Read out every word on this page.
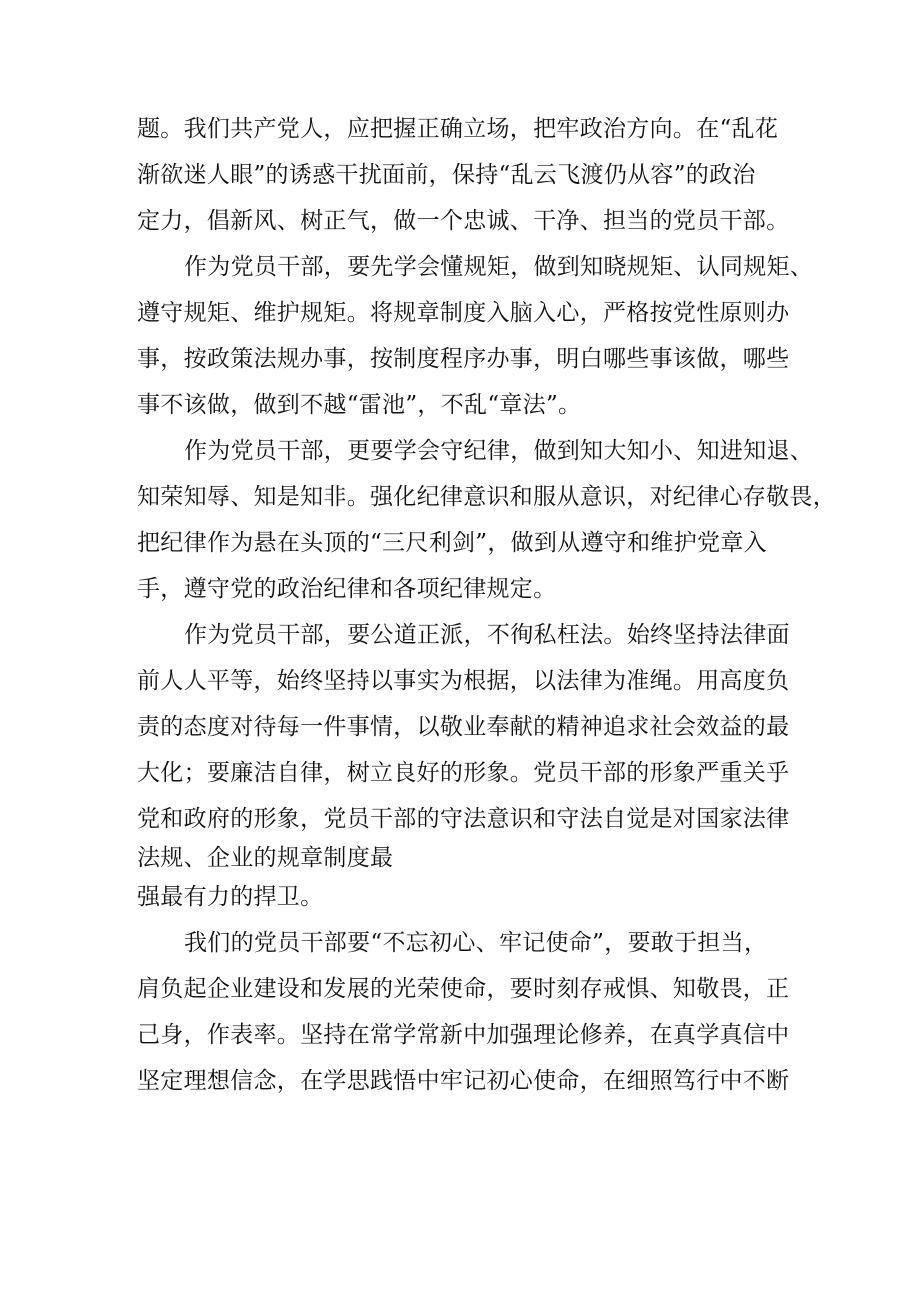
题。我们共产党人，应把握正确立场，把牢政治方向。在“乱花
渐欲迷人眼”的诱惑干扰面前，保持“乱云飞渡仍从容”的政治
定力，倡新风、树正气，做一个忠诚、干净、担当的党员干部。
作为党员干部，要先学会懂规矩，做到知晓规矩、认同规矩、
遵守规矩、维护规矩。将规章制度入脑入心，严格按党性原则办
事，按政策法规办事，按制度程序办事，明白哪些事该做，哪些
事不该做，做到不越“雷池”，不乱“章法”。
作为党员干部，更要学会守纪律，做到知大知小、知进知退、
知荣知辱、知是知非。强化纪律意识和服从意识，对纪律心存敬畏，
把纪律作为悬在头顶的“三尺利剑”，做到从遵守和维护党章入
手，遵守党的政治纪律和各项纪律规定。
作为党员干部，要公道正派，不徇私枉法。始终坚持法律面
前人人平等，始终坚持以事实为根据，以法律为准绳。用高度负
责的态度对待每一件事情，以敬业奉献的精神追求社会效益的最
大化；要廉洁自律，树立良好的形象。党员干部的形象严重关乎
党和政府的形象，党员干部的守法意识和守法自觉是对国家法律
法规、企业的规章制度最
强最有力的捍卫。
我们的党员干部要“不忘初心、牢记使命”，要敢于担当，
肩负起企业建设和发展的光荣使命，要时刻存戒惧、知敬畏，正
己身，作表率。坚持在常学常新中加强理论修养，在真学真信中
坚定理想信念，在学思践悟中牢记初心使命，在细照笃行中不断
